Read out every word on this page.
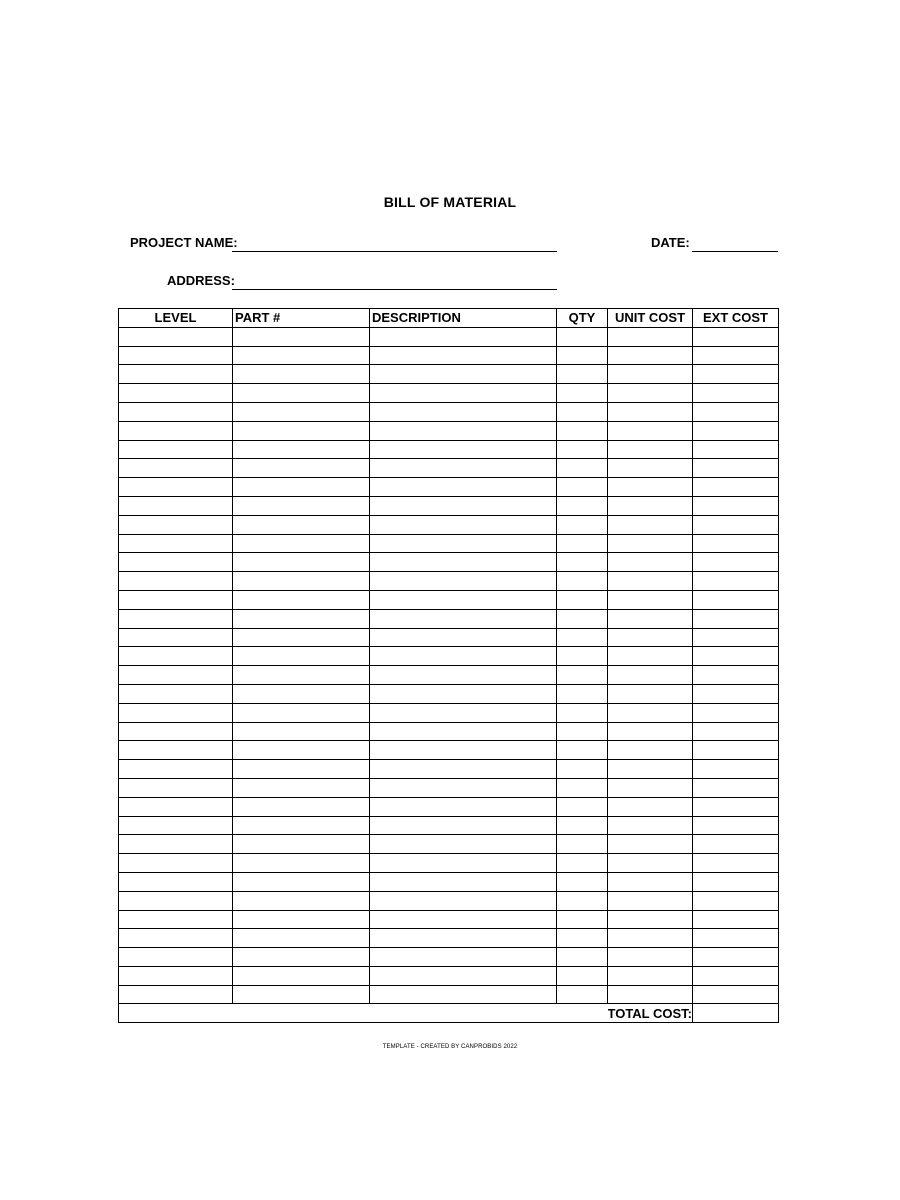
BILL OF MATERIAL
PROJECT NAME:	DATE:
ADDRESS:
LEVEL	PART #	DESCRIPTION	QTY	UNIT COST	EXT COST

				TOTAL COST:	
TEMPLATE - CREATED BY CANPROBIDS 2022
